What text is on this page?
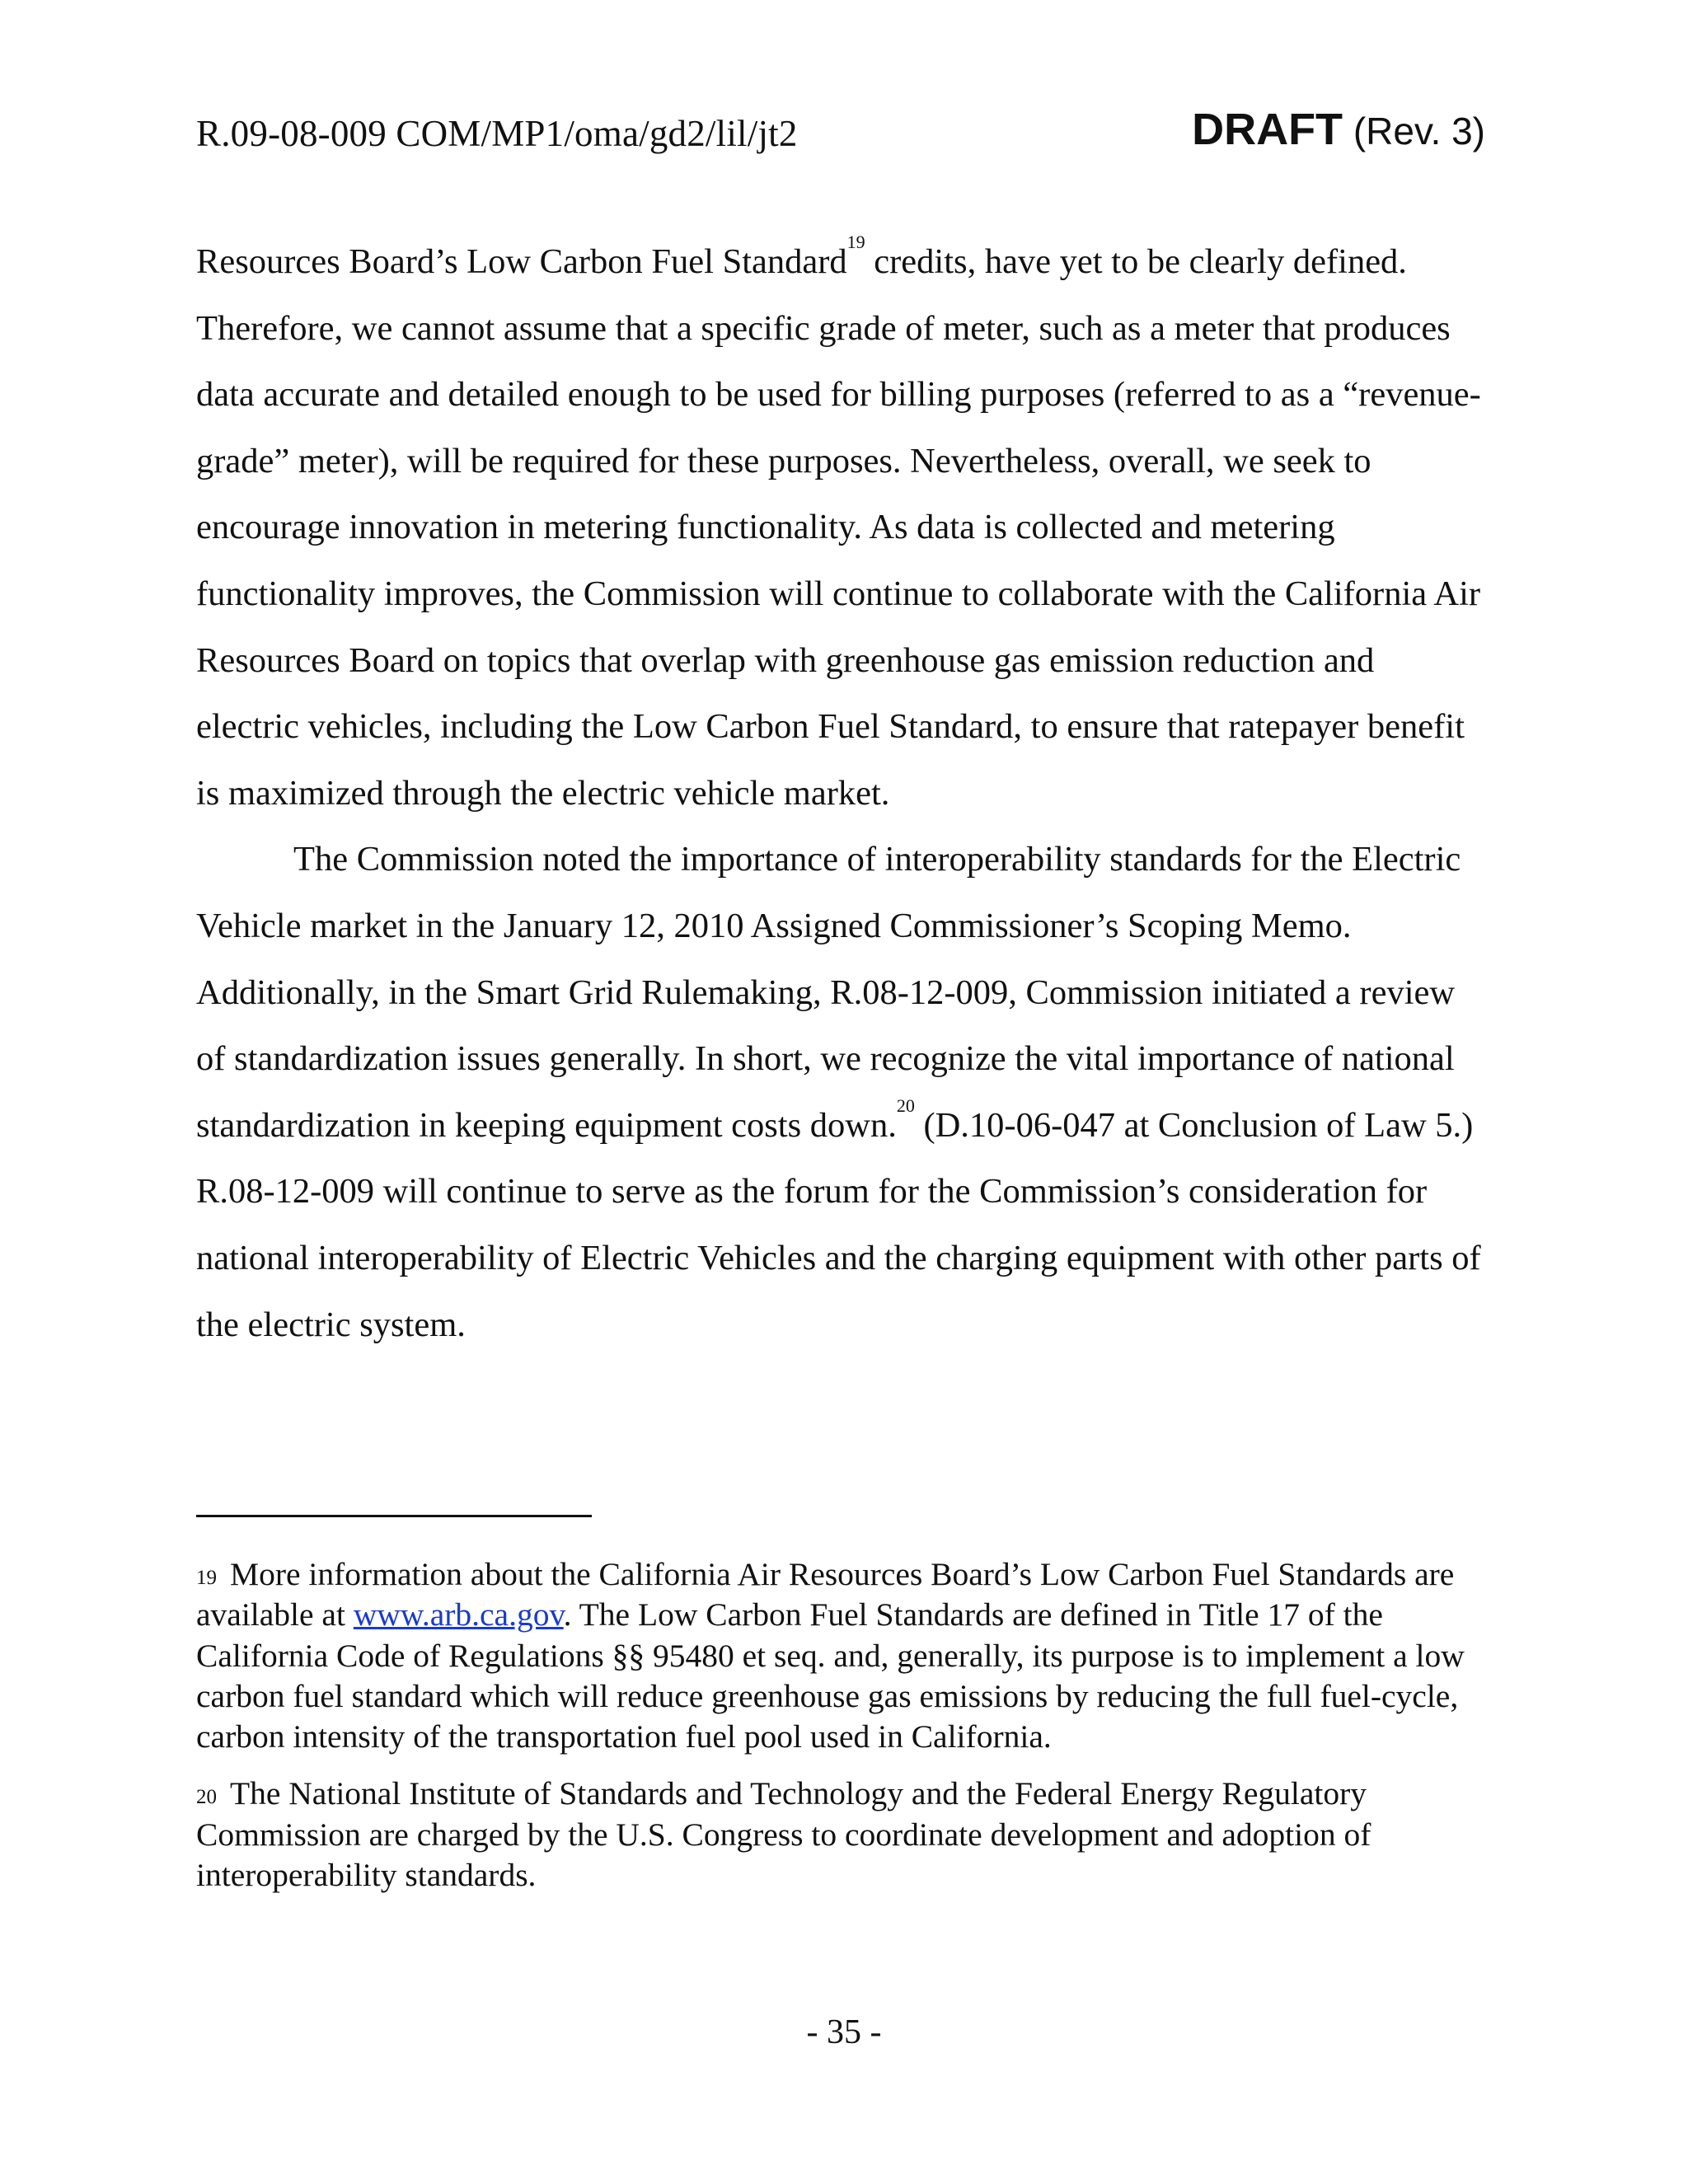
R.09-08-009 COM/MP1/oma/gd2/lil/jt2	DRAFT (Rev. 3)

Resources Board’s Low Carbon Fuel Standard$^{19}$ credits, have yet to be clearly defined. Therefore, we cannot assume that a specific grade of meter, such as a meter that produces data accurate and detailed enough to be used for billing purposes (referred to as a “revenue-grade” meter), will be required for these purposes. Nevertheless, overall, we seek to encourage innovation in metering functionality. As data is collected and metering functionality improves, the Commission will continue to collaborate with the California Air Resources Board on topics that overlap with greenhouse gas emission reduction and electric vehicles, including the Low Carbon Fuel Standard, to ensure that ratepayer benefit is maximized through the electric vehicle market.

The Commission noted the importance of interoperability standards for the Electric Vehicle market in the January 12, 2010 Assigned Commissioner’s Scoping Memo. Additionally, in the Smart Grid Rulemaking, R.08-12-009, Commission initiated a review of standardization issues generally. In short, we recognize the vital importance of national standardization in keeping equipment costs down.$^{20}$ (D.10-06-047 at Conclusion of Law 5.) R.08-12-009 will continue to serve as the forum for the Commission’s consideration for national interoperability of Electric Vehicles and the charging equipment with other parts of the electric system.

$^{19}$ More information about the California Air Resources Board’s Low Carbon Fuel Standards are available at www.arb.ca.gov. The Low Carbon Fuel Standards are defined in Title 17 of the California Code of Regulations §§ 95480 et seq. and, generally, its purpose is to implement a low carbon fuel standard which will reduce greenhouse gas emissions by reducing the full fuel-cycle, carbon intensity of the transportation fuel pool used in California.

$^{20}$ The National Institute of Standards and Technology and the Federal Energy Regulatory Commission are charged by the U.S. Congress to coordinate development and adoption of interoperability standards.

- 35 -
